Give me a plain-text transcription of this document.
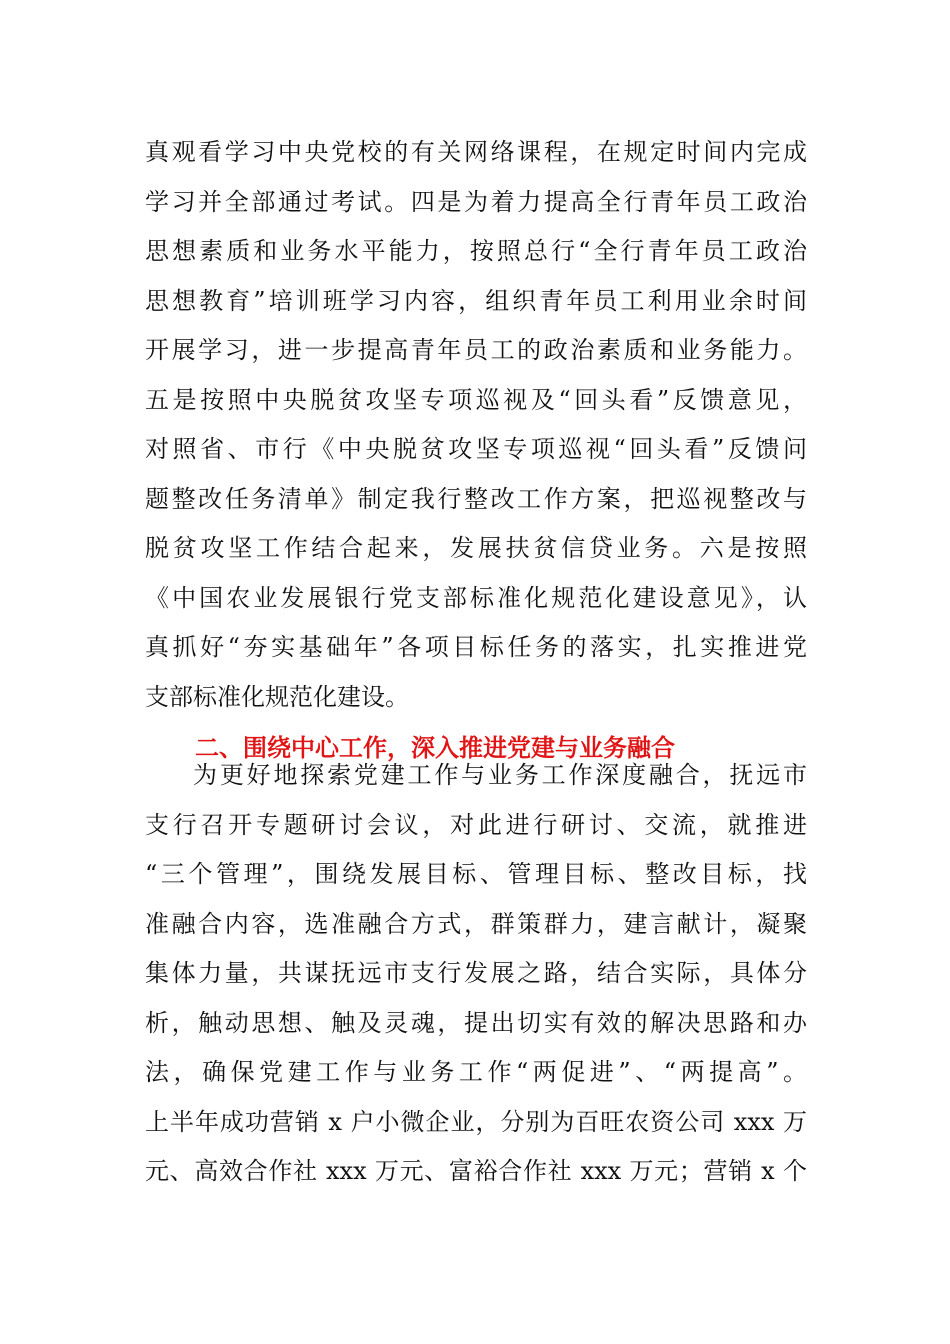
真观看学习中央党校的有关网络课程，在规定时间内完成
学习并全部通过考试。四是为着力提高全行青年员工政治
思想素质和业务水平能力，按照总行“全行青年员工政治
思想教育”培训班学习内容，组织青年员工利用业余时间
开展学习，进一步提高青年员工的政治素质和业务能力。
五是按照中央脱贫攻坚专项巡视及“回头看”反馈意见，
对照省、市行《中央脱贫攻坚专项巡视“回头看”反馈问
题整改任务清单》制定我行整改工作方案，把巡视整改与
脱贫攻坚工作结合起来，发展扶贫信贷业务。六是按照
《中国农业发展银行党支部标准化规范化建设意见》，认
真抓好“夯实基础年”各项目标任务的落实，扎实推进党
支部标准化规范化建设。
二、围绕中心工作，深入推进党建与业务融合
为更好地探索党建工作与业务工作深度融合，抚远市
支行召开专题研讨会议，对此进行研讨、交流，就推进
“三个管理”，围绕发展目标、管理目标、整改目标，找
准融合内容，选准融合方式，群策群力，建言献计，凝聚
集体力量，共谋抚远市支行发展之路，结合实际，具体分
析，触动思想、触及灵魂，提出切实有效的解决思路和办
法，确保党建工作与业务工作“两促进”、“两提高”。
上半年成功营销 x 户小微企业，分别为百旺农资公司 xxx 万
元、高效合作社 xxx 万元、富裕合作社 xxx 万元；营销 x 个
